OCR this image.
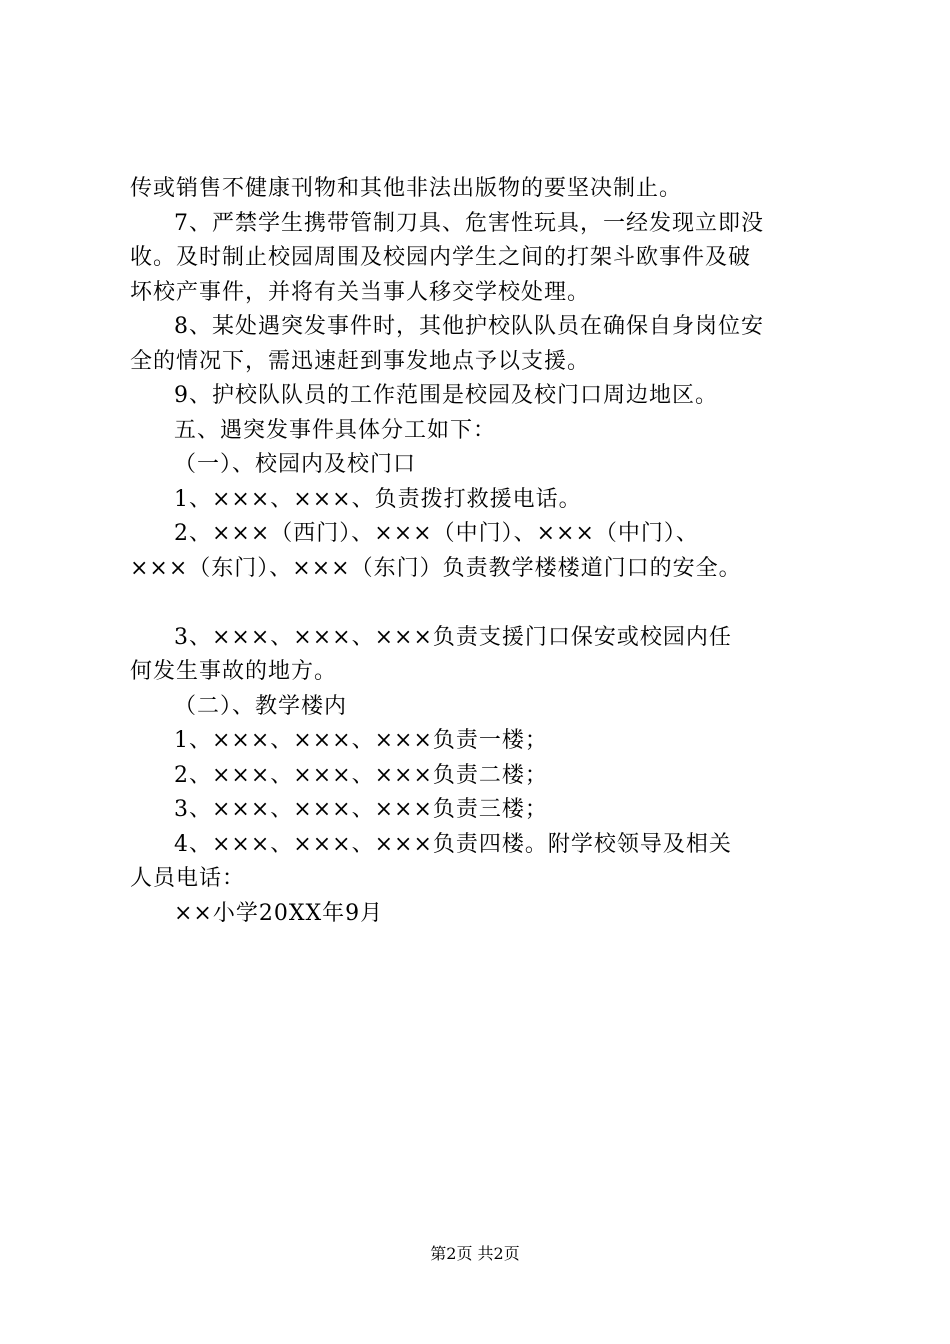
传或销售不健康刊物和其他非法出版物的要坚决制止。
7、严禁学生携带管制刀具、危害性玩具，一经发现立即没
收。及时制止校园周围及校园内学生之间的打架斗欧事件及破
坏校产事件，并将有关当事人移交学校处理。
8、某处遇突发事件时，其他护校队队员在确保自身岗位安
全的情况下，需迅速赶到事发地点予以支援。
9、护校队队员的工作范围是校园及校门口周边地区。
五、遇突发事件具体分工如下：
（一）、校园内及校门口
1、×××、×××、负责拨打救援电话。
2、×××（西门）、×××（中门）、×××（中门）、
×××（东门）、×××（东门）负责教学楼楼道门口的安全。
3、×××、×××、×××负责支援门口保安或校园内任
何发生事故的地方。
（二）、教学楼内
1、×××、×××、×××负责一楼；
2、×××、×××、×××负责二楼；
3、×××、×××、×××负责三楼；
4、×××、×××、×××负责四楼。附学校领导及相关
人员电话：
××小学20XX年9月
第2页 共2页
